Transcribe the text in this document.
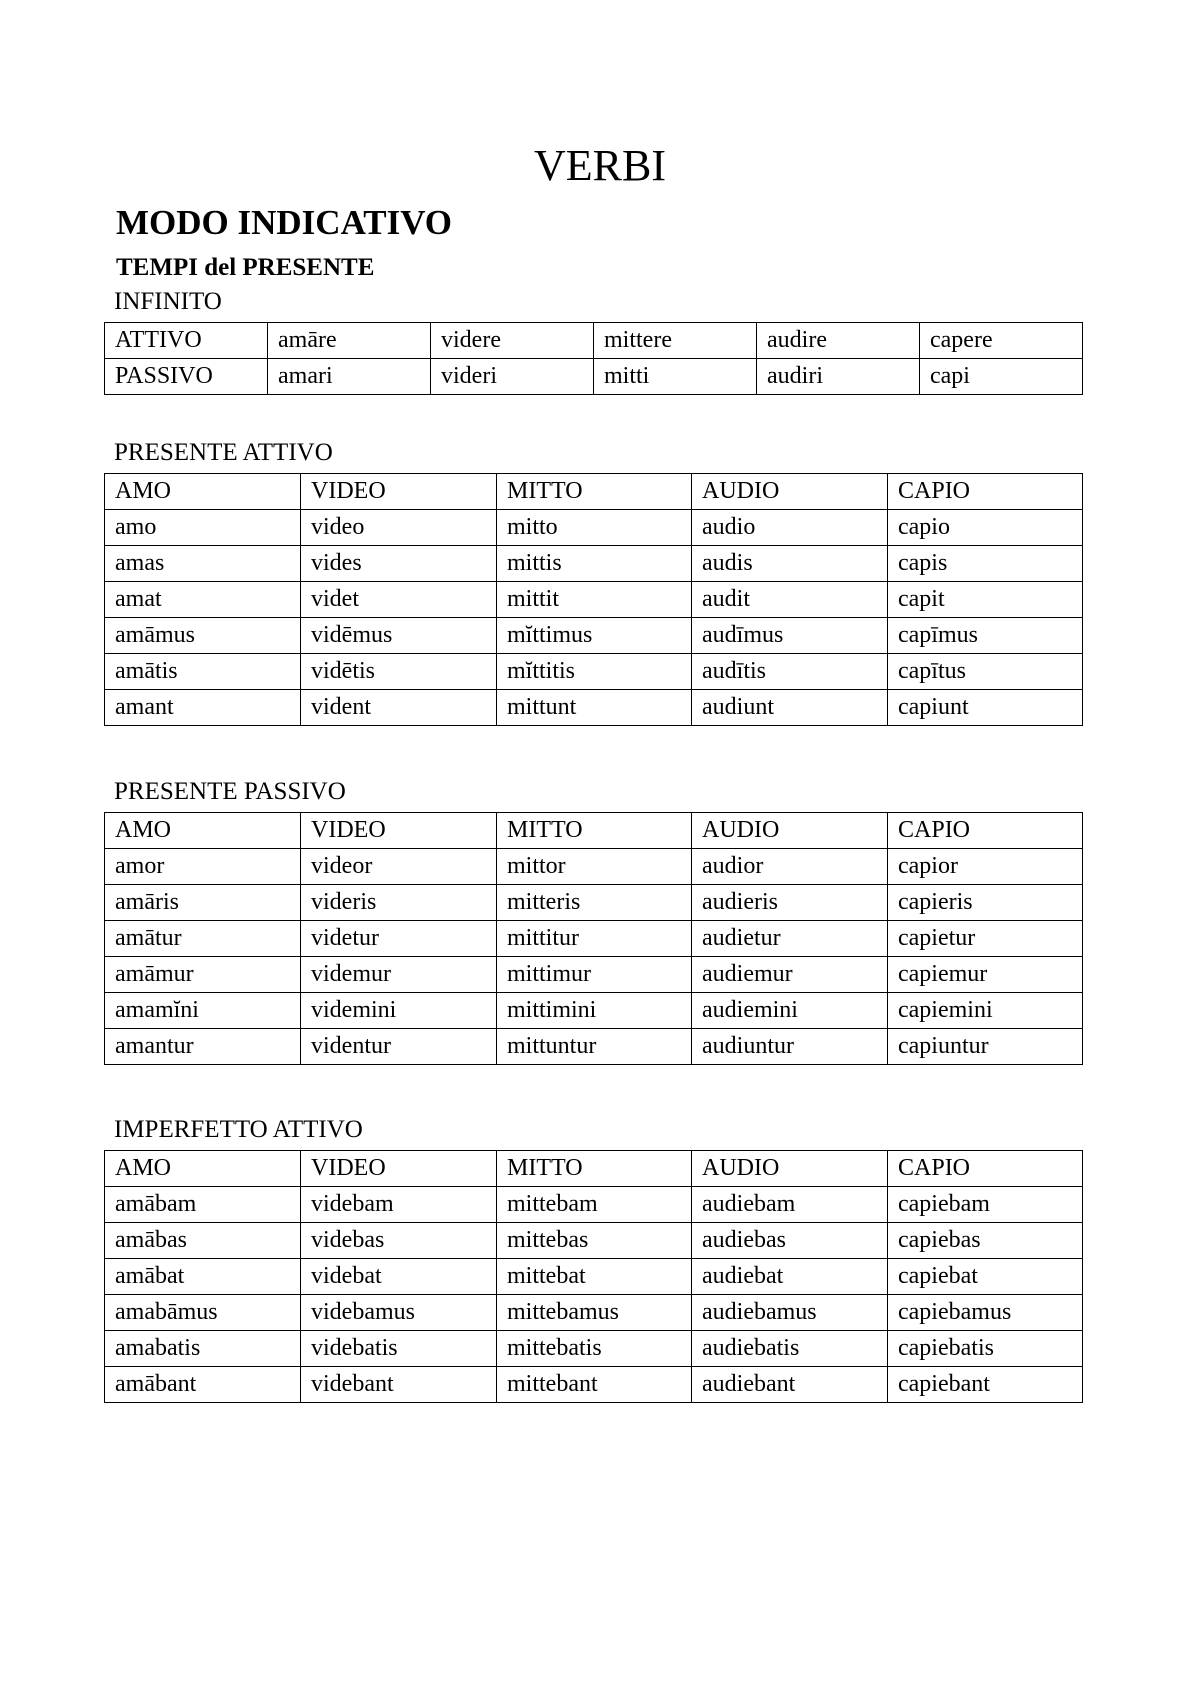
VERBI
MODO INDICATIVO
TEMPI del PRESENTE

INFINITO

ATTIVO	amāre	videre	mittere	audire	capere
PASSIVO	amari	videri	mitti	audiri	capi

PRESENTE ATTIVO

AMO	VIDEO	MITTO	AUDIO	CAPIO
amo	video	mitto	audio	capio
amas	vides	mittis	audis	capis
amat	videt	mittit	audit	capit
amāmus	vidēmus	mĭttimus	audīmus	capīmus
amātis	vidētis	mĭttitis	audītis	capītus
amant	vident	mittunt	audiunt	capiunt

PRESENTE PASSIVO

AMO	VIDEO	MITTO	AUDIO	CAPIO
amor	videor	mittor	audior	capior
amāris	videris	mitteris	audieris	capieris
amātur	videtur	mittitur	audietur	capietur
amāmur	videmur	mittimur	audiemur	capiemur
amamĭni	videmini	mittimini	audiemini	capiemini
amantur	videntur	mittuntur	audiuntur	capiuntur

IMPERFETTO ATTIVO

AMO	VIDEO	MITTO	AUDIO	CAPIO
amābam	videbam	mittebam	audiebam	capiebam
amābas	videbas	mittebas	audiebas	capiebas
amābat	videbat	mittebat	audiebat	capiebat
amabāmus	videbamus	mittebamus	audiebamus	capiebamus
amabatis	videbatis	mittebatis	audiebatis	capiebatis
amābant	videbant	mittebant	audiebant	capiebant
